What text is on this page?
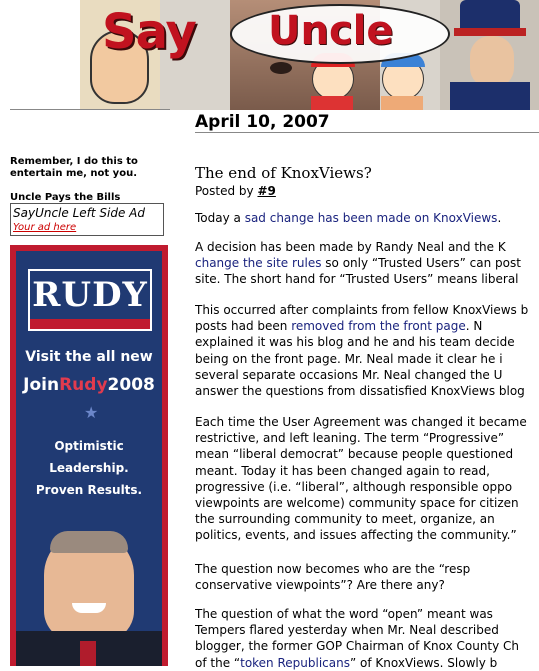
Say Uncle
Remember, I do this to entertain me, not you.
Uncle Pays the Bills
SayUncle Left Side Ad
Your ad here
RUDY
Visit the all new
JoinRudy2008
★
Optimistic Leadership.
Proven Results.
April 10, 2007
The end of KnoxViews?
Posted by #9
Today a sad change has been made on KnoxViews.
A decision has been made by Randy Neal and the K
change the site rules so only “Trusted Users” can post
site. The short hand for “Trusted Users” means liberal
This occurred after complaints from fellow KnoxViews b
posts had been removed from the front page. N
explained it was his blog and he and his team decide
being on the front page. Mr. Neal made it clear he i
several separate occasions Mr. Neal changed the U
answer the questions from dissatisfied KnoxViews blog
Each time the User Agreement was changed it became
restrictive, and left leaning. The term “Progressive”
mean “liberal democrat” because people questioned
meant. Today it has been changed again to read,
progressive (i.e. “liberal”, although responsible oppo
viewpoints are welcome) community space for citizen
the surrounding community to meet, organize, an
politics, events, and issues affecting the community.”
The question now becomes who are the “resp
conservative viewpoints”? Are there any?
The question of what the word “open” meant was
Tempers flared yesterday when Mr. Neal described
blogger, the former GOP Chairman of Knox County Ch
of the “token Republicans” of KnoxViews. Slowly b
